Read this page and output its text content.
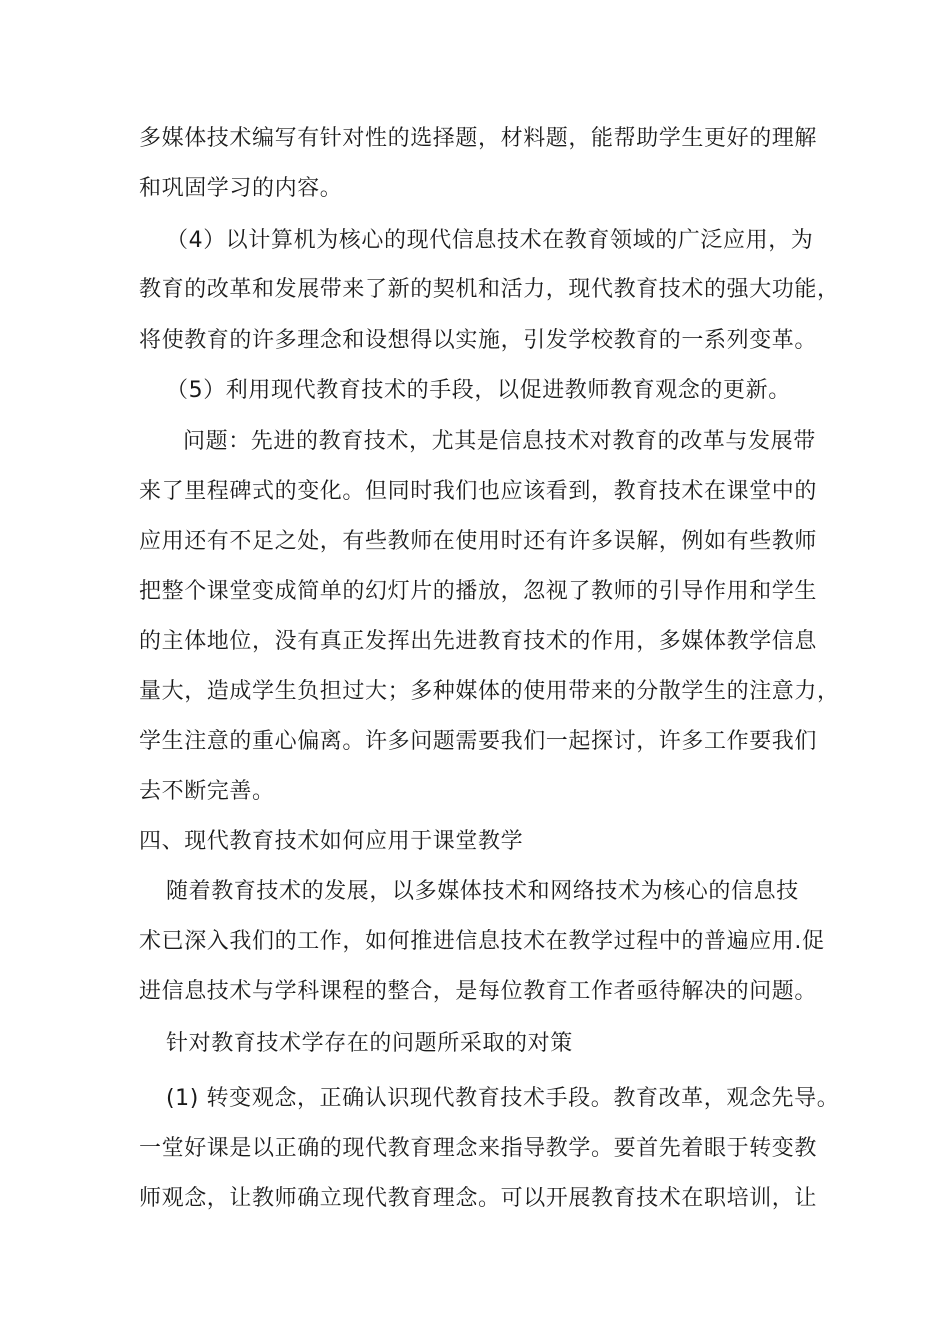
多媒体技术编写有针对性的选择题，材料题，能帮助学生更好的理解
和巩固学习的内容。
（4）以计算机为核心的现代信息技术在教育领域的广泛应用，为
教育的改革和发展带来了新的契机和活力，现代教育技术的强大功能，
将使教育的许多理念和设想得以实施，引发学校教育的一系列变革。
（5）利用现代教育技术的手段，以促进教师教育观念的更新。
问题：先进的教育技术，尤其是信息技术对教育的改革与发展带
来了里程碑式的变化。但同时我们也应该看到，教育技术在课堂中的
应用还有不足之处，有些教师在使用时还有许多误解，例如有些教师
把整个课堂变成简单的幻灯片的播放，忽视了教师的引导作用和学生
的主体地位，没有真正发挥出先进教育技术的作用，多媒体教学信息
量大，造成学生负担过大；多种媒体的使用带来的分散学生的注意力，
学生注意的重心偏离。许多问题需要我们一起探讨，许多工作要我们
去不断完善。
四、现代教育技术如何应用于课堂教学
随着教育技术的发展，以多媒体技术和网络技术为核心的信息技
术已深入我们的工作，如何推进信息技术在教学过程中的普遍应用.促
进信息技术与学科课程的整合，是每位教育工作者亟待解决的问题。
针对教育技术学存在的问题所采取的对策
(1) 转变观念，正确认识现代教育技术手段。教育改革，观念先导。
一堂好课是以正确的现代教育理念来指导教学。要首先着眼于转变教
师观念，让教师确立现代教育理念。可以开展教育技术在职培训，让
